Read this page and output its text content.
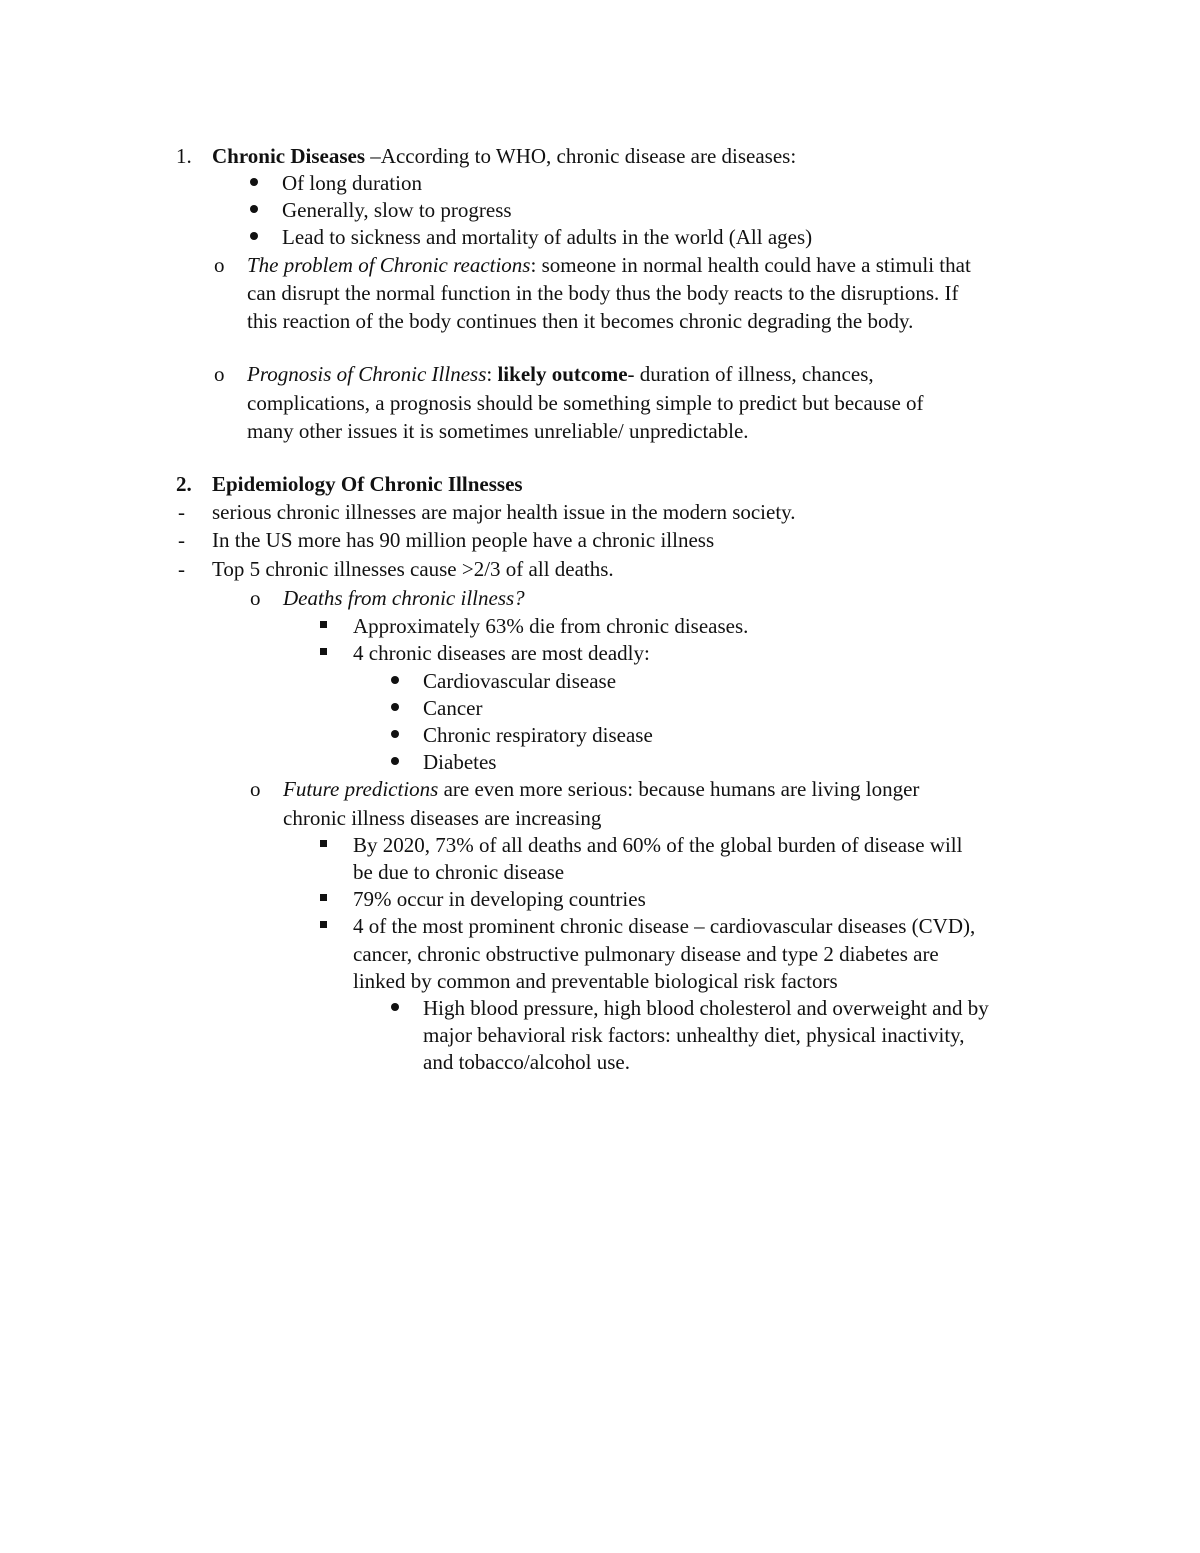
1. Chronic Diseases –According to WHO, chronic disease are diseases:
Of long duration
Generally, slow to progress
Lead to sickness and mortality of adults in the world (All ages)
o The problem of Chronic reactions: someone in normal health could have a stimuli that
can disrupt the normal function in the body thus the body reacts to the disruptions. If
this reaction of the body continues then it becomes chronic degrading the body.
o Prognosis of Chronic Illness: likely outcome- duration of illness, chances,
complications, a prognosis should be something simple to predict but because of
many other issues it is sometimes unreliable/ unpredictable.
2. Epidemiology Of Chronic Illnesses
- serious chronic illnesses are major health issue in the modern society.
- In the US more has 90 million people have a chronic illness
- Top 5 chronic illnesses cause >2/3 of all deaths.
o Deaths from chronic illness?
Approximately 63% die from chronic diseases.
4 chronic diseases are most deadly:
Cardiovascular disease
Cancer
Chronic respiratory disease
Diabetes
o Future predictions are even more serious: because humans are living longer
chronic illness diseases are increasing
By 2020, 73% of all deaths and 60% of the global burden of disease will
be due to chronic disease
79% occur in developing countries
4 of the most prominent chronic disease – cardiovascular diseases (CVD),
cancer, chronic obstructive pulmonary disease and type 2 diabetes are
linked by common and preventable biological risk factors
High blood pressure, high blood cholesterol and overweight and by
major behavioral risk factors: unhealthy diet, physical inactivity,
and tobacco/alcohol use.
